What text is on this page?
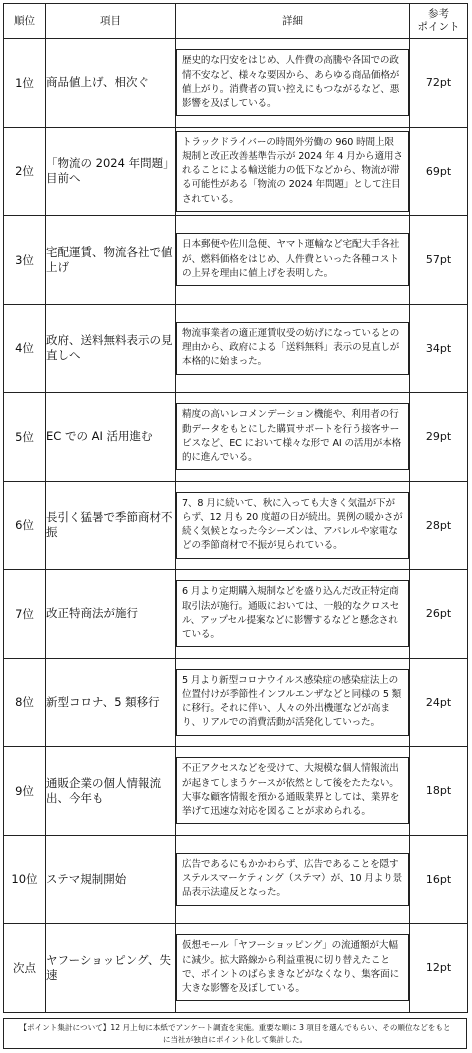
順位	項目	詳細	参考
ポイント
1位	商品値上げ、相次ぐ	歴史的な円安をはじめ、人件費の高騰や各国での政情不安など、様々な要因から、あらゆる商品価格が値上がり。消費者の買い控えにもつながるなど、悪影響を及ぼしている。	72pt
2位	「物流の 2024 年問題」目前へ	トラックドライバーの時間外労働の 960 時間上限規制と改正改善基準告示が 2024 年 4 月から適用されることによる輸送能力の低下などから、物流が滞る可能性がある「物流の 2024 年問題」として注目されている。	69pt
3位	宅配運賃、物流各社で値上げ	日本郵便や佐川急便、ヤマト運輸など宅配大手各社が、燃料価格をはじめ、人件費といった各種コストの上昇を理由に値上げを表明した。	57pt
4位	政府、送料無料表示の見直しへ	物流事業者の適正運賃収受の妨げになっているとの理由から、政府による「送料無料」表示の見直しが本格的に始まった。	34pt
5位	EC での AI 活用進む	精度の高いレコメンデーション機能や、利用者の行動データをもとにした購買サポートを行う接客サービスなど、EC において様々な形で AI の活用が本格的に進んでいる。	29pt
6位	長引く猛暑で季節商材不振	7、8 月に続いて、秋に入っても大きく気温が下がらず、12 月も 20 度超の日が続出。異例の暖かさが続く気候となった今シーズンは、アパレルや家電などの季節商材で不振が見られている。	28pt
7位	改正特商法が施行	6 月より定期購入規制などを盛り込んだ改正特定商取引法が施行。通販においては、一般的なクロスセル、アップセル提案などに影響するなどと懸念されている。	26pt
8位	新型コロナ、5 類移行	5 月より新型コロナウイルス感染症の感染症法上の位置付けが季節性インフルエンザなどと同様の 5 類に移行。それに伴い、人々の外出機運などが高まり、リアルでの消費活動が活発化していった。	24pt
9位	通販企業の個人情報流出、今年も	不正アクセスなどを受けて、大規模な個人情報流出が起きてしまうケースが依然として後をたたない。大事な顧客情報を預かる通販業界としては、業界を挙げて迅速な対応を図ることが求められる。	18pt
10位	ステマ規制開始	広告であるにもかかわらず、広告であることを隠すステルスマーケティング（ステマ）が、10 月より景品表示法違反となった。	16pt
次点	ヤフーショッピング、失速	仮想モール「ヤフーショッピング」の流通額が大幅に減少。拡大路線から利益重視に切り替えたことで、ポイントのばらまきなどがなくなり、集客面に大きな影響を及ぼしている。	12pt
【ポイント集計について】12 月上旬に本紙でアンケート調査を実施。重要な順に 3 項目を選んでもらい、その順位などをもとに当社が独自にポイント化して集計した。
